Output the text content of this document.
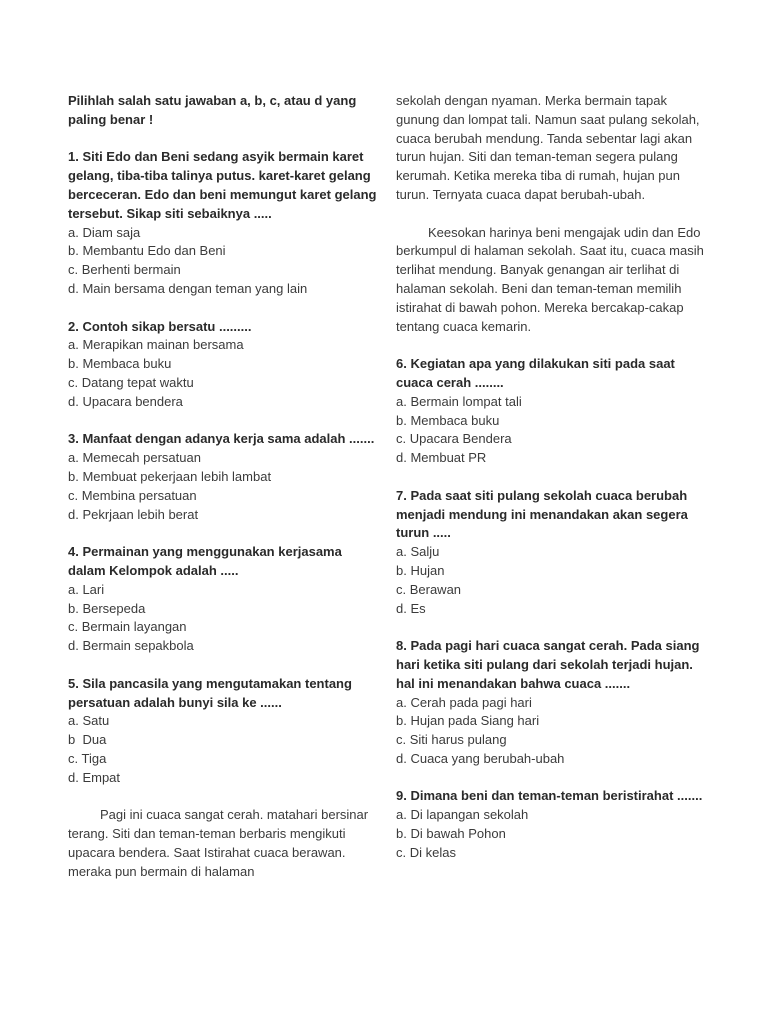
Pilihlah salah satu jawaban a, b, c, atau d yang paling benar !

1. Siti Edo dan Beni sedang asyik bermain karet gelang, tiba-tiba talinya putus. karet-karet gelang berceceran. Edo dan beni memungut karet gelang tersebut. Sikap siti sebaiknya .....

a. Diam saja

b. Membantu Edo dan Beni

c. Berhenti bermain

d. Main bersama dengan teman yang lain

2. Contoh sikap bersatu .........

a. Merapikan mainan bersama

b. Membaca buku

c. Datang tepat waktu

d. Upacara bendera

3. Manfaat dengan adanya kerja sama adalah .......

a. Memecah persatuan

b. Membuat pekerjaan lebih lambat

c. Membina persatuan

d. Pekrjaan lebih berat

4. Permainan yang menggunakan kerjasama dalam Kelompok adalah .....

a. Lari

b. Bersepeda

c. Bermain layangan

d. Bermain sepakbola

5. Sila pancasila yang mengutamakan tentang persatuan adalah bunyi sila ke ......

a. Satu

b  Dua

c. Tiga

d. Empat

Pagi ini cuaca sangat cerah. matahari bersinar terang. Siti dan teman-teman berbaris mengikuti upacara bendera. Saat Istirahat cuaca berawan. meraka pun bermain di halaman

sekolah dengan nyaman. Merka bermain tapak gunung dan lompat tali. Namun saat pulang sekolah, cuaca berubah mendung. Tanda sebentar lagi akan turun hujan. Siti dan teman-teman segera pulang kerumah. Ketika mereka tiba di rumah, hujan pun turun. Ternyata cuaca dapat berubah-ubah.

Keesokan harinya beni mengajak udin dan Edo berkumpul di halaman sekolah. Saat itu, cuaca masih terlihat mendung. Banyak genangan air terlihat di halaman sekolah. Beni dan teman-teman memilih istirahat di bawah pohon. Mereka bercakap-cakap tentang cuaca kemarin.

6. Kegiatan apa yang dilakukan siti pada saat cuaca cerah ........

a. Bermain lompat tali

b. Membaca buku

c. Upacara Bendera

d. Membuat PR

7. Pada saat siti pulang sekolah cuaca berubah menjadi mendung ini menandakan akan segera turun .....

a. Salju

b. Hujan

c. Berawan

d. Es

8. Pada pagi hari cuaca sangat cerah. Pada siang hari ketika siti pulang dari sekolah terjadi hujan. hal ini menandakan bahwa cuaca .......

a. Cerah pada pagi hari

b. Hujan pada Siang hari

c. Siti harus pulang

d. Cuaca yang berubah-ubah

9. Dimana beni dan teman-teman beristirahat .......

a. Di lapangan sekolah

b. Di bawah Pohon

c. Di kelas
